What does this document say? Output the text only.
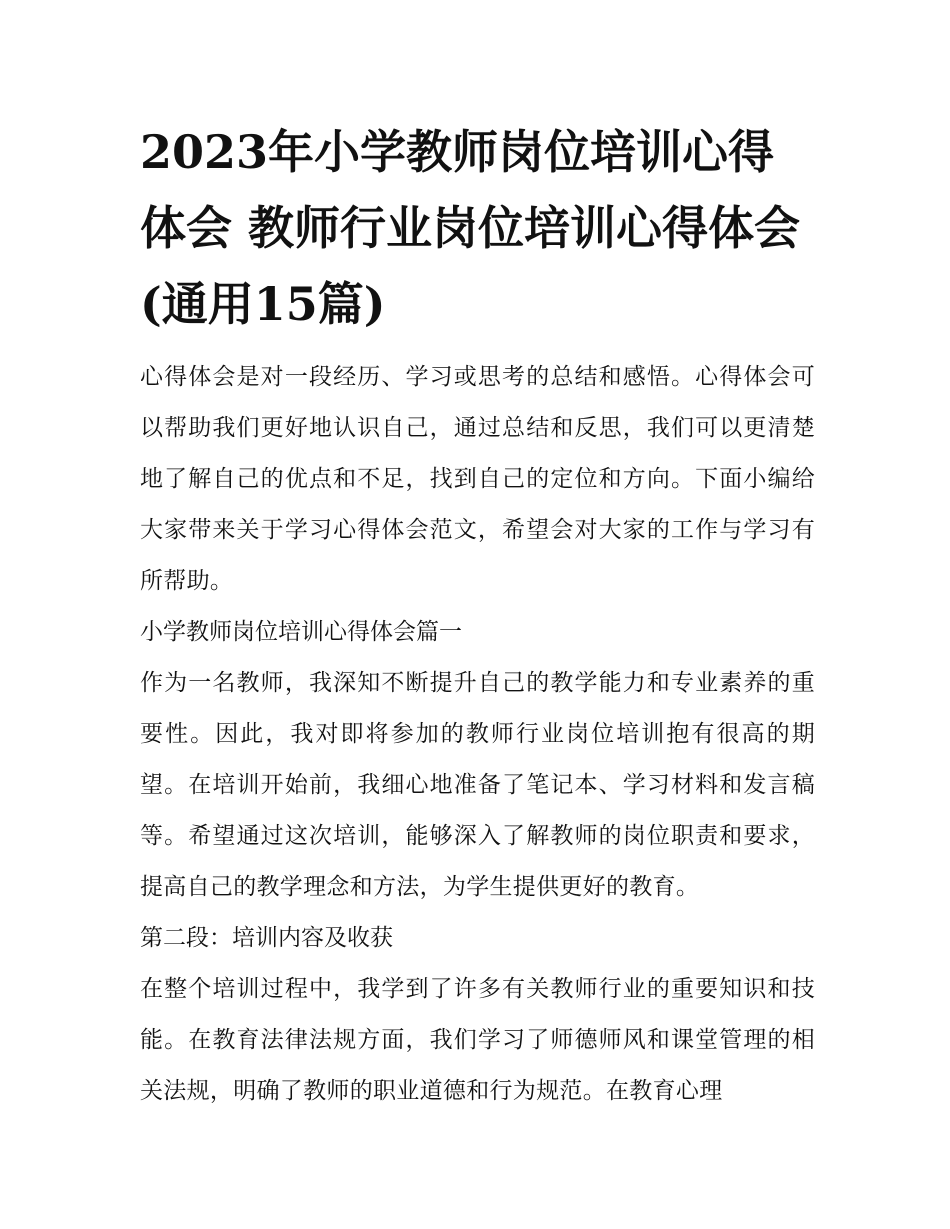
2023年小学教师岗位培训心得体会 教师行业岗位培训心得体会(通用15篇)

心得体会是对一段经历、学习或思考的总结和感悟。心得体会可以帮助我们更好地认识自己，通过总结和反思，我们可以更清楚地了解自己的优点和不足，找到自己的定位和方向。下面小编给大家带来关于学习心得体会范文，希望会对大家的工作与学习有所帮助。

小学教师岗位培训心得体会篇一

作为一名教师，我深知不断提升自己的教学能力和专业素养的重要性。因此，我对即将参加的教师行业岗位培训抱有很高的期望。在培训开始前，我细心地准备了笔记本、学习材料和发言稿等。希望通过这次培训，能够深入了解教师的岗位职责和要求，提高自己的教学理念和方法，为学生提供更好的教育。

第二段：培训内容及收获

在整个培训过程中，我学到了许多有关教师行业的重要知识和技能。在教育法律法规方面，我们学习了师德师风和课堂管理的相关法规，明确了教师的职业道德和行为规范。在教育心理
